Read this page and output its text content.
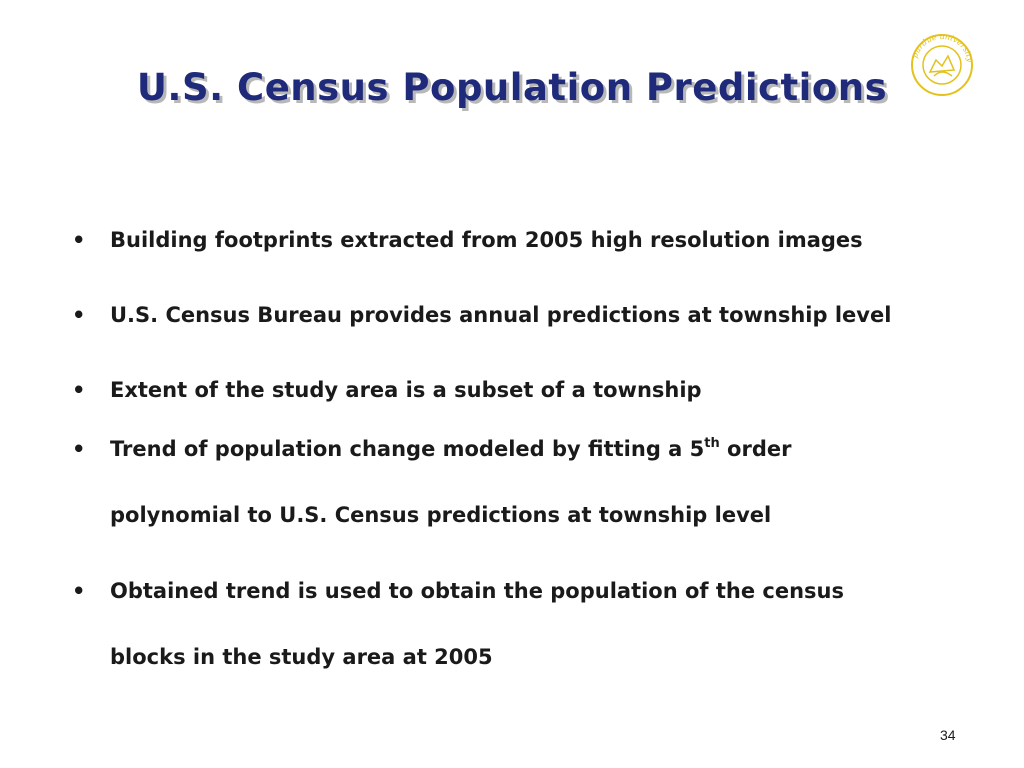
U.S. Census Population Predictions
purdue university
• Building footprints extracted from 2005 high resolution images
• U.S. Census Bureau provides annual predictions at township level
• Extent of the study area is a subset of a township
• Trend of population change modeled by fitting a 5th order
polynomial to U.S. Census predictions at township level
• Obtained trend is used to obtain the population of the census
blocks in the study area at 2005
34
